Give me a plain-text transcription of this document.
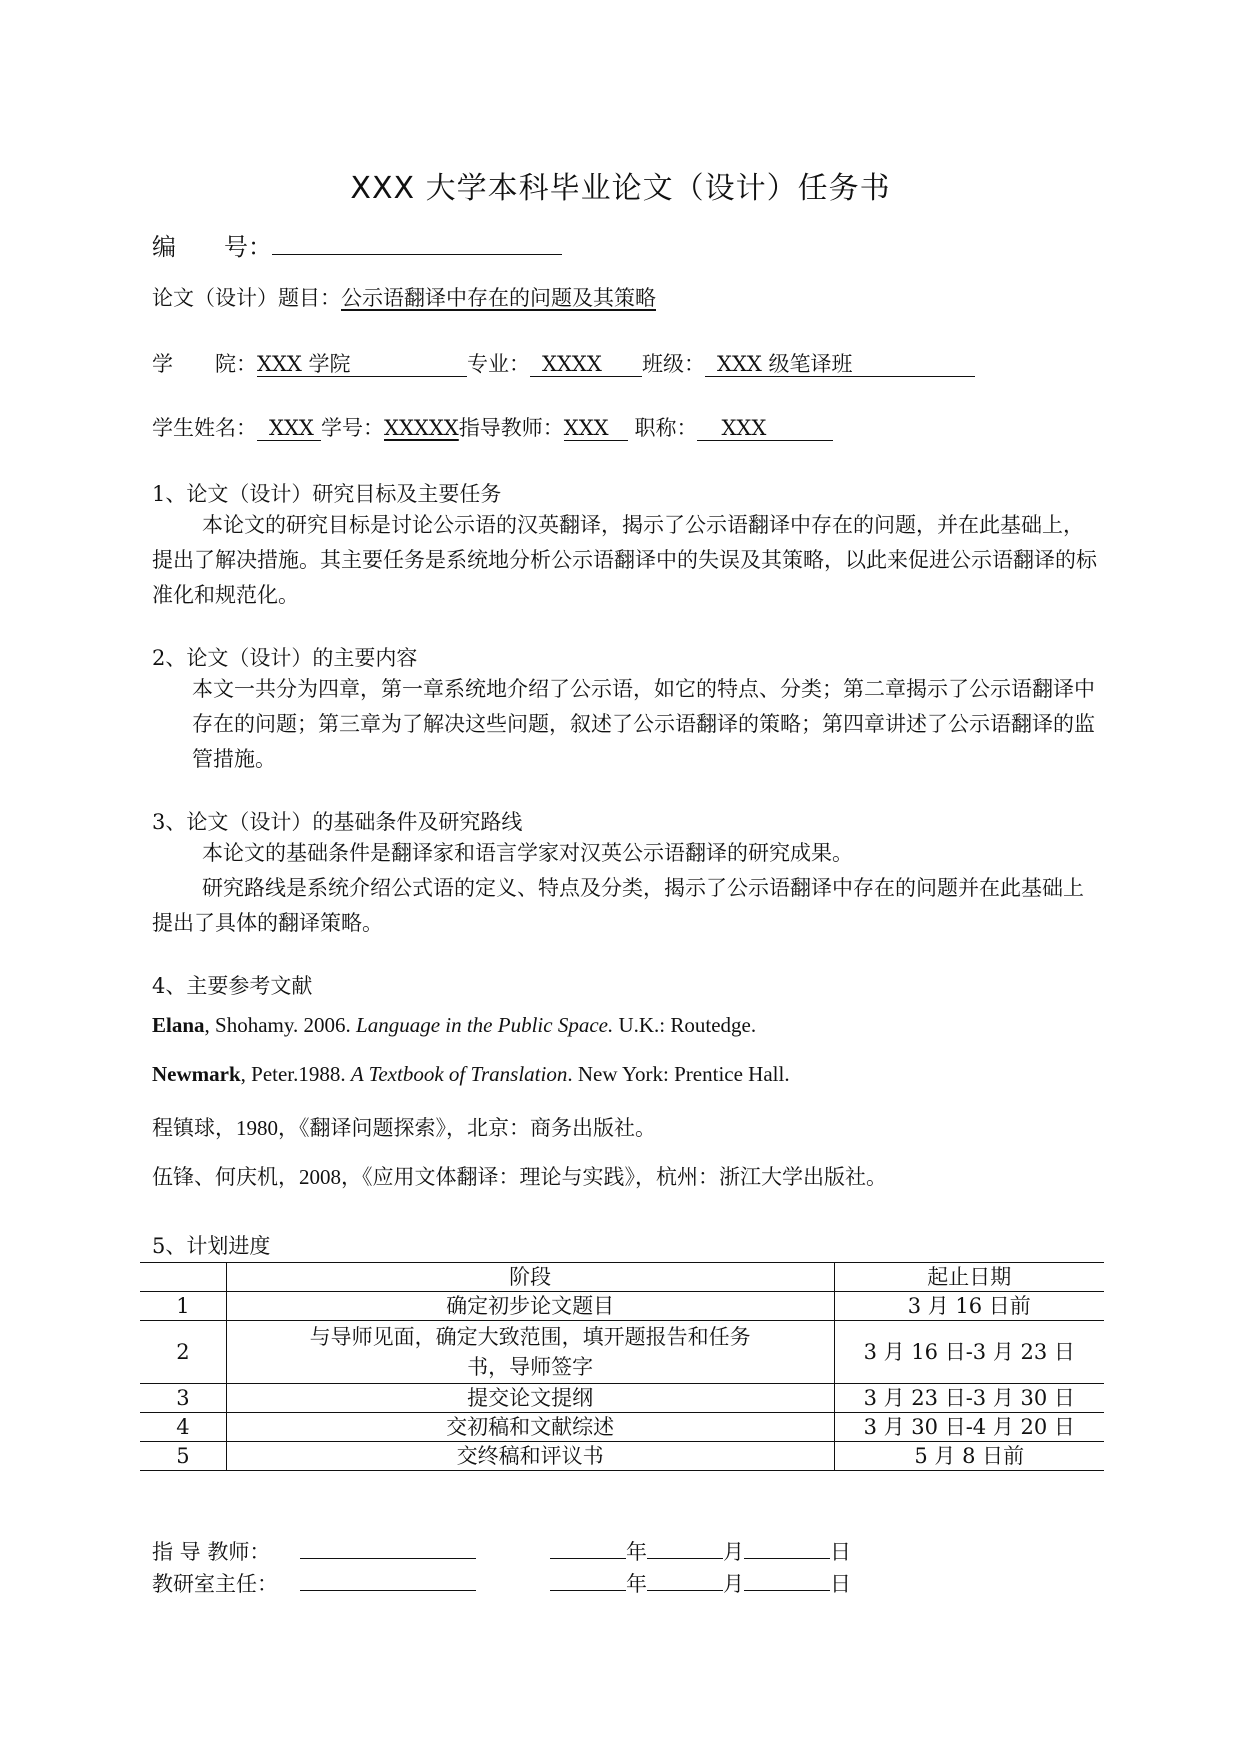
XXX 大学本科毕业论文（设计）任务书
编　　号：
论文（设计）题目：公示语翻译中存在的问题及其策略
学　　院：XXX 学院	专业： XXXX 班级： XXX 级笔译班
学生姓名： XXX 学号：XXXXX指导教师：XXX 职称： XXX
1、论文（设计）研究目标及主要任务
本论文的研究目标是讨论公示语的汉英翻译，揭示了公示语翻译中存在的问题，并在此基础上，提出了解决措施。其主要任务是系统地分析公示语翻译中的失误及其策略，以此来促进公示语翻译的标准化和规范化。
2、论文（设计）的主要内容
本文一共分为四章，第一章系统地介绍了公示语，如它的特点、分类；第二章揭示了公示语翻译中存在的问题；第三章为了解决这些问题，叙述了公示语翻译的策略；第四章讲述了公示语翻译的监管措施。
3、论文（设计）的基础条件及研究路线
本论文的基础条件是翻译家和语言学家对汉英公示语翻译的研究成果。
研究路线是系统介绍公式语的定义、特点及分类，揭示了公示语翻译中存在的问题并在此基础上提出了具体的翻译策略。
4、主要参考文献
Elana, Shohamy. 2006. Language in the Public Space. U.K.: Routedge.
Newmark, Peter.1988. A Textbook of Translation. New York: Prentice Hall.
程镇球，1980，《翻译问题探索》，北京：商务出版社。
伍锋、何庆机，2008，《应用文体翻译：理论与实践》，杭州：浙江大学出版社。
5、计划进度
	阶段	起止日期
1	确定初步论文题目	3 月 16 日前
2	与导师见面，确定大致范围，填开题报告和任务
书，导师签字	3 月 16 日-3 月 23 日
3	提交论文提纲	3 月 23 日-3 月 30 日
4	交初稿和文献综述	3 月 30 日-4 月 20 日
5	交终稿和评议书	5 月 8 日前
指 导 教师：	年	月	日
教研室主任：	年	月	日
